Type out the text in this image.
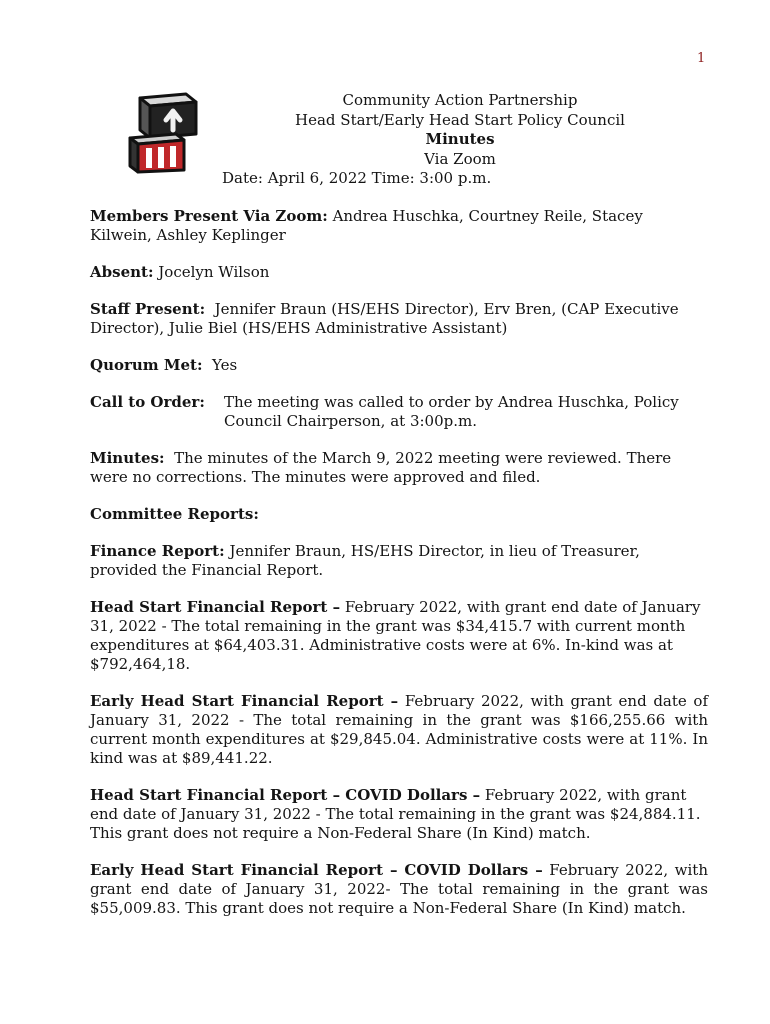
1
Community Action Partnership
Head Start/Early Head Start Policy Council
Minutes
Via Zoom
Date: April 6, 2022 Time: 3:00 p.m.

Members Present Via Zoom: Andrea Huschka, Courtney Reile, Stacey Kilwein, Ashley Keplinger

Absent: Jocelyn Wilson

Staff Present: Jennifer Braun (HS/EHS Director), Erv Bren, (CAP Executive Director), Julie Biel (HS/EHS Administrative Assistant)

Quorum Met: Yes

Call to Order:	The meeting was called to order by Andrea Huschka, Policy Council Chairperson, at 3:00p.m.

Minutes: The minutes of the March 9, 2022 meeting were reviewed. There were no corrections. The minutes were approved and filed.

Committee Reports:

Finance Report: Jennifer Braun, HS/EHS Director, in lieu of Treasurer, provided the Financial Report.

Head Start Financial Report – February 2022, with grant end date of January 31, 2022 - The total remaining in the grant was $34,415.7 with current month expenditures at $64,403.31. Administrative costs were at 6%. In-kind was at $792,464,18.

Early Head Start Financial Report – February 2022, with grant end date of January 31, 2022 - The total remaining in the grant was $166,255.66 with current month expenditures at $29,845.04. Administrative costs were at 11%. In kind was at $89,441.22.

Head Start Financial Report – COVID Dollars – February 2022, with grant end date of January 31, 2022 - The total remaining in the grant was $24,884.11. This grant does not require a Non-Federal Share (In Kind) match.

Early Head Start Financial Report – COVID Dollars – February 2022, with grant end date of January 31, 2022- The total remaining in the grant was $55,009.83. This grant does not require a Non-Federal Share (In Kind) match.
